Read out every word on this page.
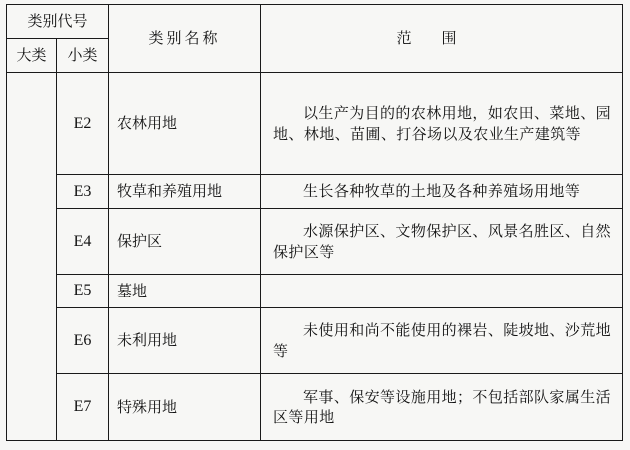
类别代号		类别名称	范围
大类	小类		
	E2	农林用地	以生产为目的的农林用地，如农田、菜地、园地、林地、苗圃、打谷场以及农业生产建筑等

	E3	牧草和养殖用地	生长各种牧草的土地及各种养殖场用地等

	E4	保护区	水源保护区、文物保护区、风景名胜区、自然保护区等

	E5	墓地	

	E6	未利用地	未使用和尚不能使用的裸岩、陡坡地、沙荒地等

	E7	特殊用地	军事、保安等设施用地；不包括部队家属生活区等用地
